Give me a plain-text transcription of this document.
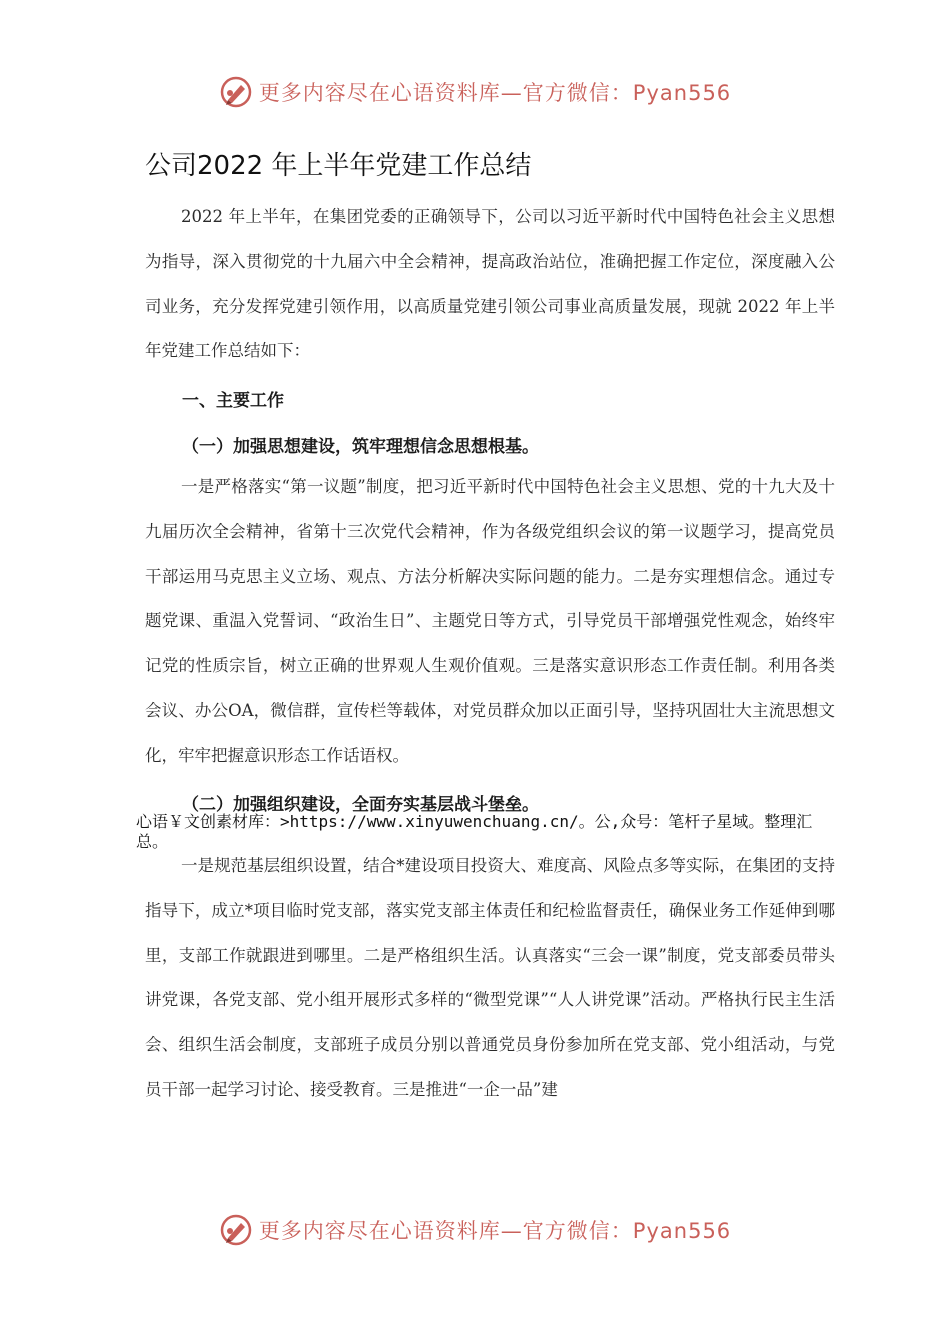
更多内容尽在心语资料库—官方微信：Pyan556
公司2022 年上半年党建工作总结

2022 年上半年，在集团党委的正确领导下，公司以习近平新时代中国特色社会主义思想为指导，深入贯彻党的十九届六中全会精神，提高政治站位，准确把握工作定位，深度融入公司业务，充分发挥党建引领作用，以高质量党建引领公司事业高质量发展，现就 2022 年上半年党建工作总结如下：

一、主要工作
（一）加强思想建设，筑牢理想信念思想根基。

一是严格落实“第一议题”制度，把习近平新时代中国特色社会主义思想、党的十九大及十九届历次全会精神，省第十三次党代会精神，作为各级党组织会议的第一议题学习，提高党员干部运用马克思主义立场、观点、方法分析解决实际问题的能力。二是夯实理想信念。通过专题党课、重温入党誓词、“政治生日”、主题党日等方式，引导党员干部增强党性观念，始终牢记党的性质宗旨，树立正确的世界观人生观价值观。三是落实意识形态工作责任制。利用各类会议、办公OA，微信群，宣传栏等载体，对党员群众加以正面引导，坚持巩固壮大主流思想文化，牢牢把握意识形态工作话语权。

（二）加强组织建设，全面夯实基层战斗堡垒。

心语￥文创素材库：>https://www.xinyuwenchuang.cn/。公,众号：笔杆子星域。整理汇总。

一是规范基层组织设置，结合*建设项目投资大、难度高、风险点多等实际，在集团的支持指导下，成立*项目临时党支部，落实党支部主体责任和纪检监督责任，确保业务工作延伸到哪里，支部工作就跟进到哪里。二是严格组织生活。认真落实“三会一课”制度，党支部委员带头讲党课，各党支部、党小组开展形式多样的“微型党课”“人人讲党课”活动。严格执行民主生活会、组织生活会制度，支部班子成员分别以普通党员身份参加所在党支部、党小组活动，与党员干部一起学习讨论、接受教育。三是推进“一企一品”建

更多内容尽在心语资料库—官方微信：Pyan556
